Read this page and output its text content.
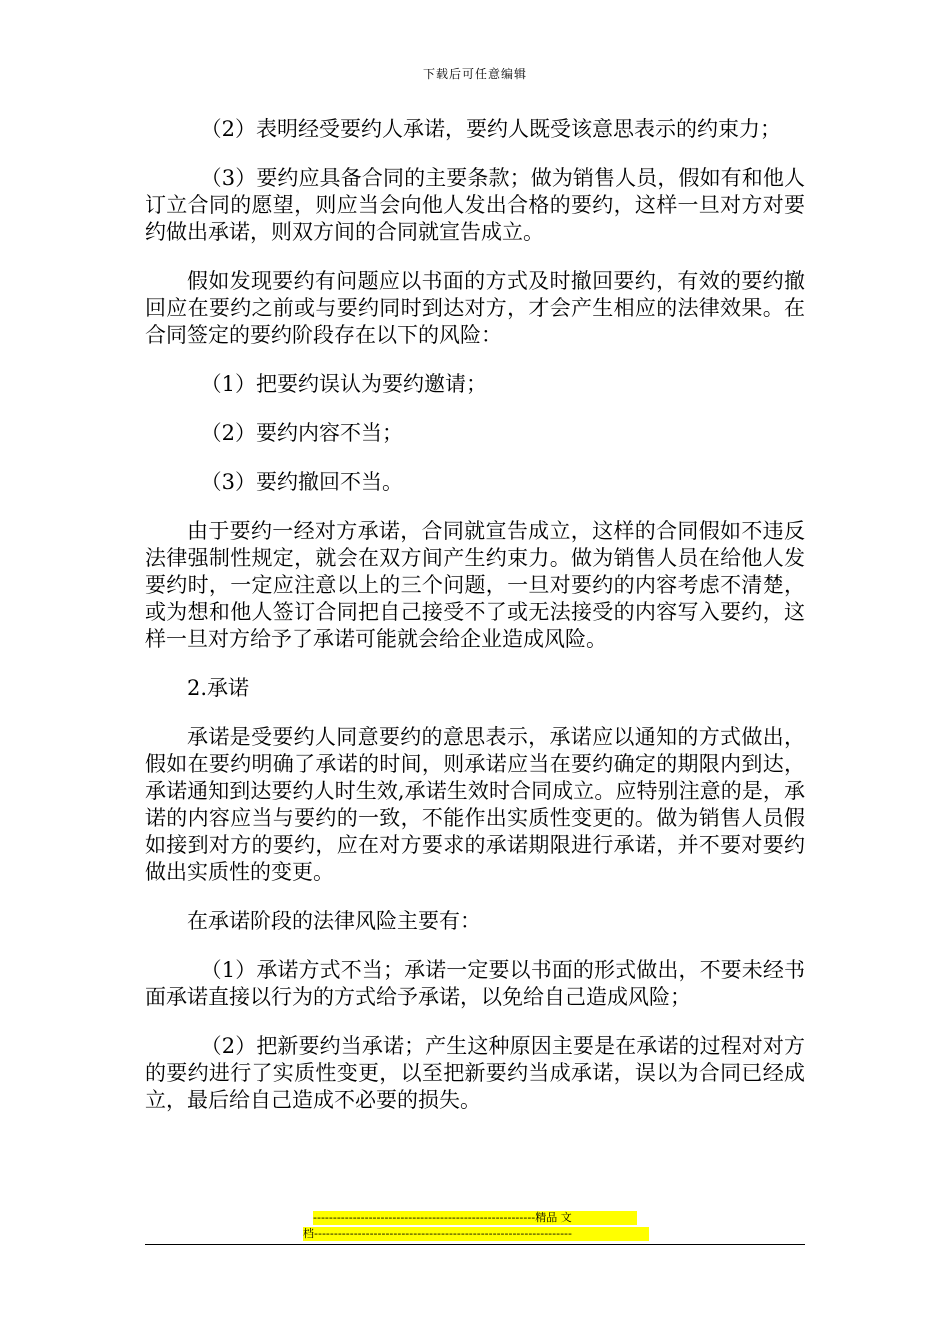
下载后可任意编辑

（2）表明经受要约人承诺，要约人既受该意思表示的约束力；

（3）要约应具备合同的主要条款；做为销售人员，假如有和他人订立合同的愿望，则应当会向他人发出合格的要约，这样一旦对方对要约做出承诺，则双方间的合同就宣告成立。

假如发现要约有问题应以书面的方式及时撤回要约，有效的要约撤回应在要约之前或与要约同时到达对方，才会产生相应的法律效果。在合同签定的要约阶段存在以下的风险：

（1）把要约误认为要约邀请；

（2）要约内容不当；

（3）要约撤回不当。

由于要约一经对方承诺，合同就宣告成立，这样的合同假如不违反法律强制性规定，就会在双方间产生约束力。做为销售人员在给他人发要约时，一定应注意以上的三个问题，一旦对要约的内容考虑不清楚，或为想和他人签订合同把自己接受不了或无法接受的内容写入要约，这样一旦对方给予了承诺可能就会给企业造成风险。

2.承诺

承诺是受要约人同意要约的意思表示，承诺应以通知的方式做出，假如在要约明确了承诺的时间，则承诺应当在要约确定的期限内到达，承诺通知到达要约人时生效,承诺生效时合同成立。应特别注意的是，承诺的内容应当与要约的一致，不能作出实质性变更的。做为销售人员假如接到对方的要约，应在对方要求的承诺期限进行承诺，并不要对要约做出实质性的变更。

在承诺阶段的法律风险主要有：

（1）承诺方式不当；承诺一定要以书面的形式做出，不要未经书面承诺直接以行为的方式给予承诺，以免给自己造成风险；

（2）把新要约当承诺；产生这种原因主要是在承诺的过程对对方的要约进行了实质性变更，以至把新要约当成承诺，误以为合同已经成立，最后给自己造成不必要的损失。

--------------------------------------------------------精品 文
档-----------------------------------------------------------------
